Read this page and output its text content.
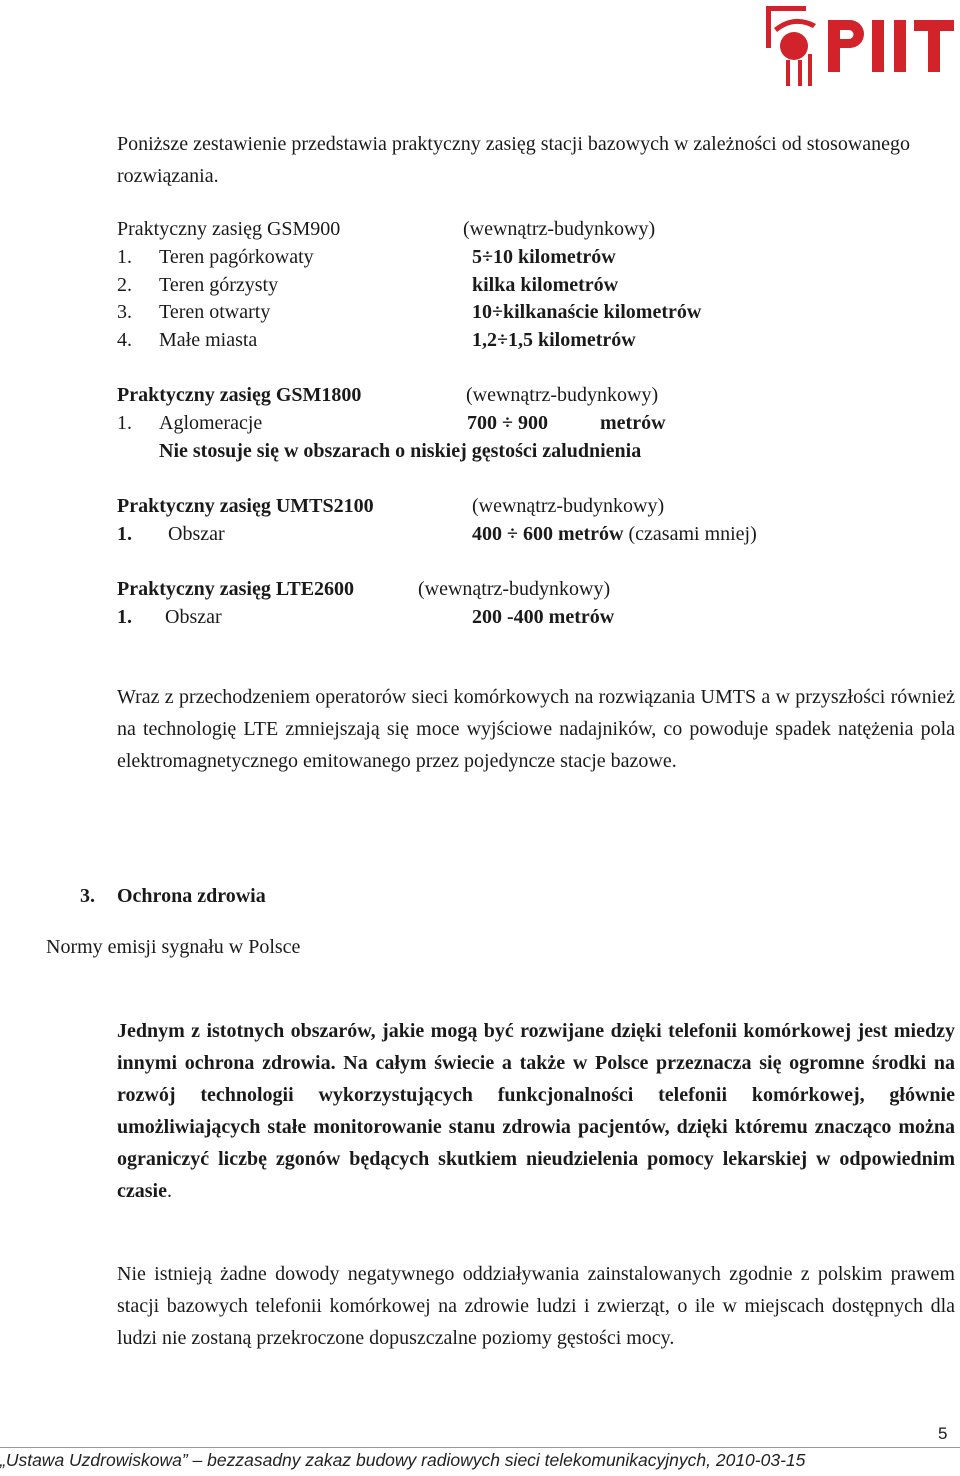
Poniższe zestawienie przedstawia praktyczny zasięg stacji bazowych w zależności od stosowanego rozwiązania.
Praktyczny zasięg GSM900	(wewnątrz-budynkowy)
1. Teren pagórkowaty	5÷10 kilometrów
2. Teren górzysty	kilka kilometrów
3. Teren otwarty	10÷kilkanaście kilometrów
4. Małe miasta	1,2÷1,5 kilometrów
Praktyczny zasięg GSM1800	(wewnątrz-budynkowy)
1. Aglomeracje	700 ÷ 900	metrów
Nie stosuje się w obszarach o niskiej gęstości zaludnienia
Praktyczny zasięg UMTS2100	(wewnątrz-budynkowy)
1. Obszar	400 ÷ 600 metrów (czasami mniej)
Praktyczny zasięg LTE2600	(wewnątrz-budynkowy)
1. Obszar	200 -400 metrów
Wraz z przechodzeniem operatorów sieci komórkowych na rozwiązania UMTS a w przyszłości również na technologię LTE zmniejszają się moce wyjściowe nadajników, co powoduje spadek natężenia pola elektromagnetycznego emitowanego przez pojedyncze stacje bazowe.
3. Ochrona zdrowia
Normy emisji sygnału w Polsce
Jednym z istotnych obszarów, jakie mogą być rozwijane dzięki telefonii komórkowej jest miedzy innymi ochrona zdrowia. Na całym świecie a także w Polsce przeznacza się ogromne środki na rozwój technologii wykorzystujących funkcjonalności telefonii komórkowej, głównie umożliwiających stałe monitorowanie stanu zdrowia pacjentów, dzięki któremu znacząco można ograniczyć liczbę zgonów będących skutkiem nieudzielenia pomocy lekarskiej w odpowiednim czasie.
Nie istnieją żadne dowody negatywnego oddziaływania zainstalowanych zgodnie z polskim prawem stacji bazowych telefonii komórkowej na zdrowie ludzi i zwierząt, o ile w miejscach dostępnych dla ludzi nie zostaną przekroczone dopuszczalne poziomy gęstości mocy.
5
„Ustawa Uzdrowiskowa” – bezzasadny zakaz budowy radiowych sieci telekomunikacyjnych, 2010-03-15
